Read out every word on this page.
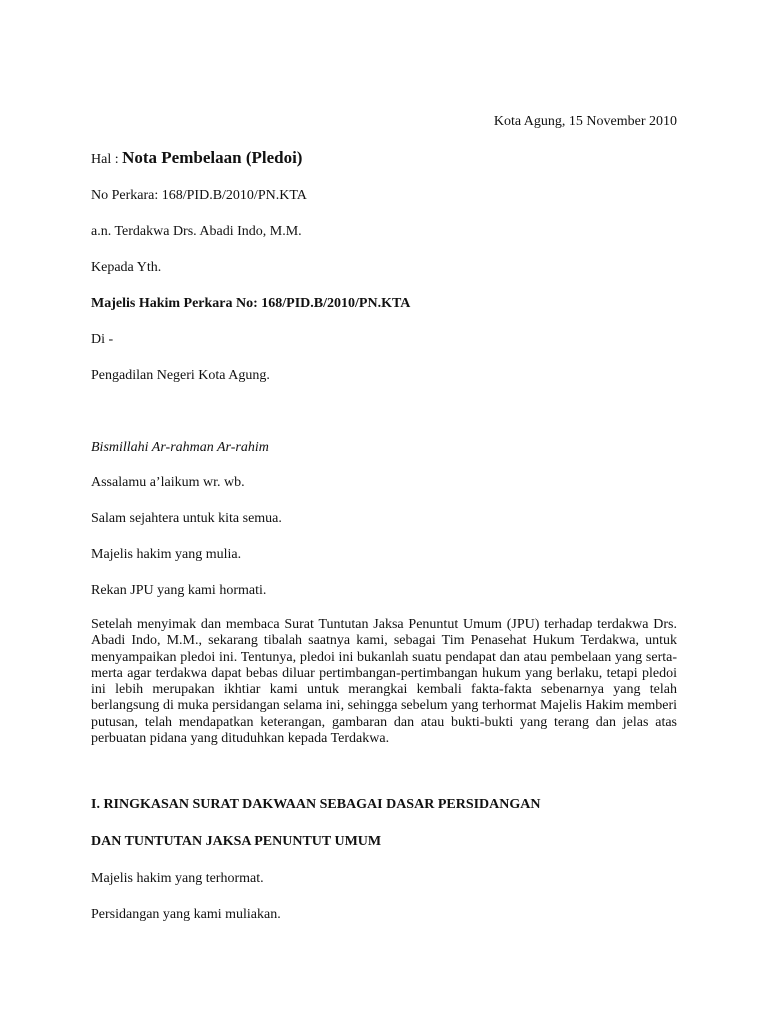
Kota Agung, 15 November 2010
Hal : Nota Pembelaan (Pledoi)
No Perkara: 168/PID.B/2010/PN.KTA
a.n. Terdakwa Drs. Abadi Indo, M.M.
Kepada Yth.
Majelis Hakim Perkara No: 168/PID.B/2010/PN.KTA
Di -
Pengadilan Negeri Kota Agung.
Bismillahi Ar-rahman Ar-rahim
Assalamu a’laikum wr. wb.
Salam sejahtera untuk kita semua.
Majelis hakim yang mulia.
Rekan JPU yang kami hormati.

Setelah menyimak dan membaca Surat Tuntutan Jaksa Penuntut Umum (JPU) terhadap terdakwa Drs. Abadi Indo, M.M., sekarang tibalah saatnya kami, sebagai Tim Penasehat Hukum Terdakwa, untuk menyampaikan pledoi ini. Tentunya, pledoi ini bukanlah suatu pendapat dan atau pembelaan yang serta-merta agar terdakwa dapat bebas diluar pertimbangan-pertimbangan hukum yang berlaku, tetapi pledoi ini lebih merupakan ikhtiar kami untuk merangkai kembali fakta-fakta sebenarnya yang telah berlangsung di muka persidangan selama ini, sehingga sebelum yang terhormat Majelis Hakim memberi putusan, telah mendapatkan keterangan, gambaran dan atau bukti-bukti yang terang dan jelas atas perbuatan pidana yang dituduhkan kepada Terdakwa.

I. RINGKASAN SURAT DAKWAAN SEBAGAI DASAR PERSIDANGAN
DAN TUNTUTAN JAKSA PENUNTUT UMUM
Majelis hakim yang terhormat.
Persidangan yang kami muliakan.
